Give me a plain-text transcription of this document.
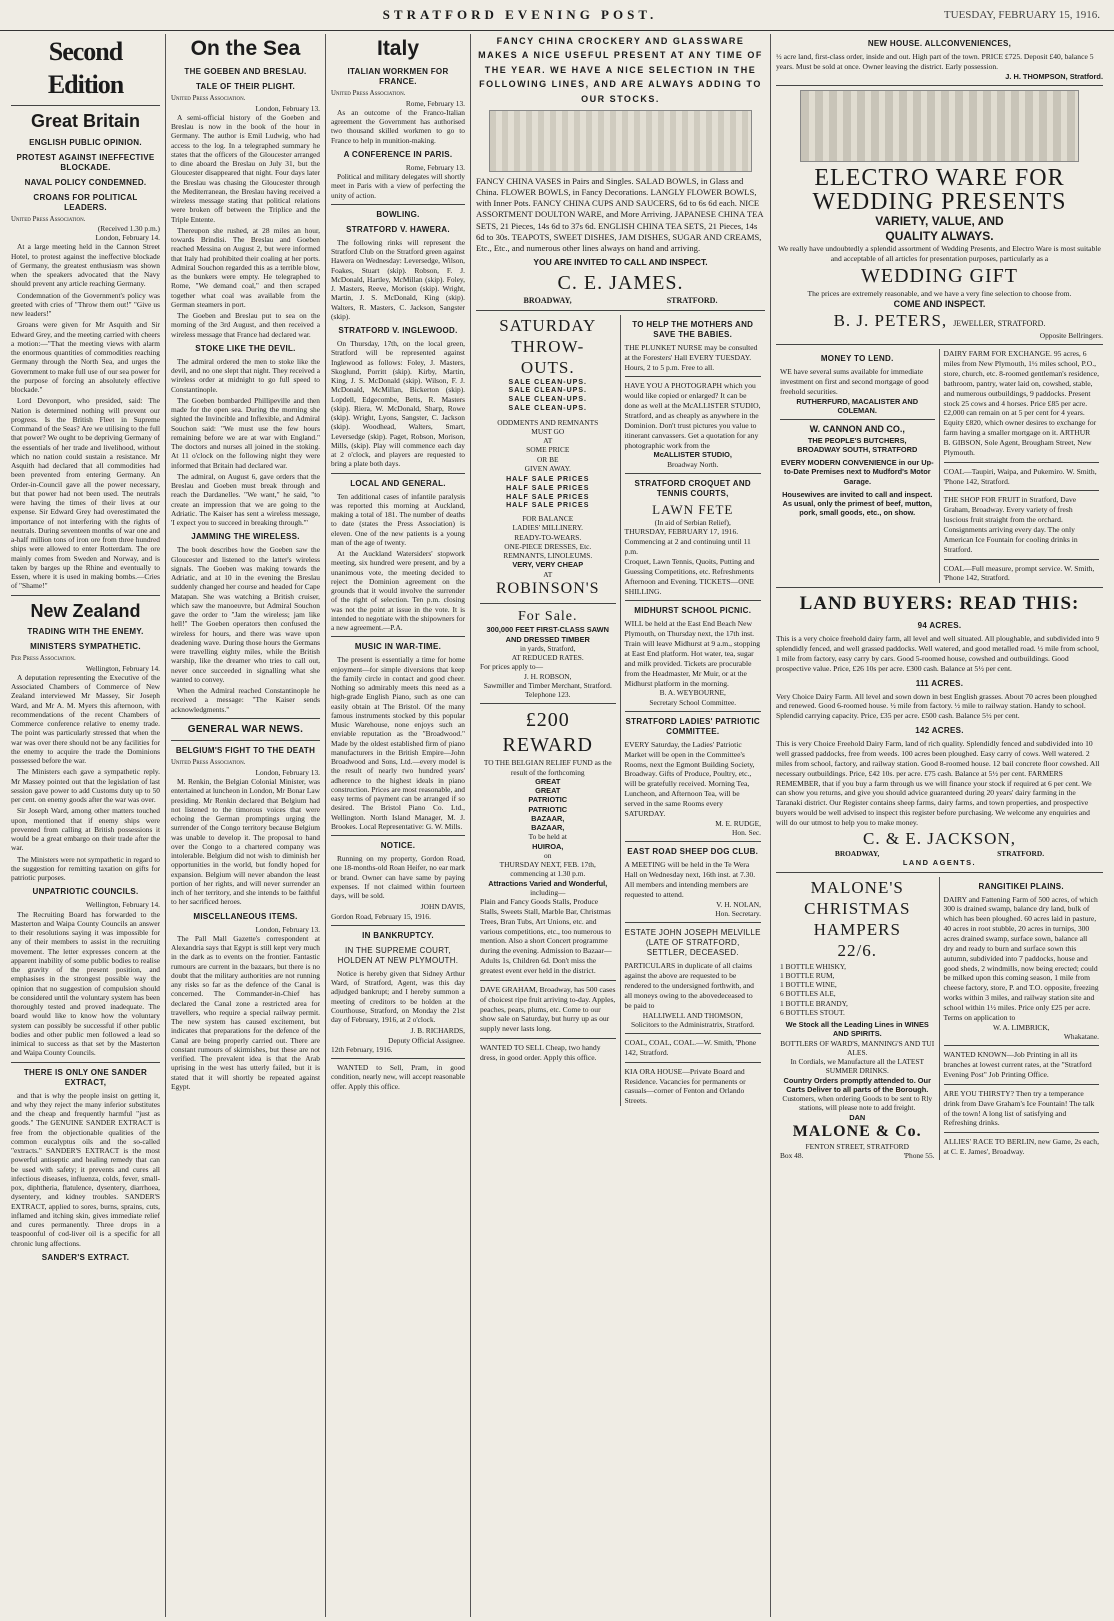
STRATFORD EVENING POST.	TUESDAY, FEBRUARY 15, 1916.
Second Edition
Great Britain
ENGLISH PUBLIC OPINION.
PROTEST AGAINST INEFFECTIVE BLOCKADE.
NAVAL POLICY CONDEMNED.
CROANS FOR POLITICAL LEADERS.
United Press Association.
(Received 1.30 p.m.)
London, February 14.

At a large meeting held in the Cannon Street Hotel, to protest against the ineffective blockade of Germany, the greatest enthusiasm was shown when the speakers advocated that the Navy should prevent any article reaching Germany.

Condemnation of the Government's policy was greeted with cries of "Throw them out!" "Give us new leaders!"

Groans were given for Mr Asquith and Sir Edward Grey, and the meeting carried with cheers a motion:—"That the meeting views with alarm the enormous quantities of commodities reaching Germany through the North Sea, and urges the Government to make full use of our sea power for the purpose of forcing an absolutely effective blockade."

Lord Devonport, who presided, said: The Nation is determined nothing will prevent our progress. Is the British Fleet in Supreme Command of the Seas? Are we utilising to the full that power? We ought to be depriving Germany of the essentials of her trade and livelihood, without which no nation could sustain a resistance. Mr Asquith had declared that all commodities had been prevented from entering Germany. An Order-in-Council gave all the power necessary, but that power had not been used. The neutrals were having the times of their lives at our expense. Sir Edward Grey had overestimated the importance of not interfering with the rights of neutrals. During seventeen months of war one and a-half million tons of iron ore from three hundred ships were allowed to enter Rotterdam. The ore mainly comes from Sweden and Norway, and is taken by barges up the Rhine and eventually to Essen, where it is used in making bombs.—Cries of "Shame!"

New Zealand
TRADING WITH THE ENEMY.
MINISTERS SYMPATHETIC.
Per Press Association.
Wellington, February 14.

A deputation representing the Executive of the Associated Chambers of Commerce of New Zealand interviewed Mr Massey, Sir Joseph Ward, and Mr A. M. Myers this afternoon, with recommendations of the recent Chambers of Commerce conference relative to enemy trade. The point was particularly stressed that when the war was over there should not be any facilities for the enemy to acquire the trade the Dominions possessed before the war.

The Ministers each gave a sympathetic reply. Mr Massey pointed out that the legislation of last session gave power to add Customs duty up to 50 per cent. on enemy goods after the war was over.

Sir Joseph Ward, among other matters touched upon, mentioned that if enemy ships were prevented from calling at British possessions it would be a great embargo on their trade after the war.

The Ministers were not sympathetic in regard to the suggestion for remitting taxation on gifts for patriotic purposes.

UNPATRIOTIC COUNCILS.
Wellington, February 14.

The Recruiting Board has forwarded to the Masterton and Waipa County Councils an answer to their resolutions saying it was impossible for any of their members to assist in the recruiting movement. The letter expresses concern at the apparent inability of some public bodies to realise the gravity of the present position, and emphasises in the strongest possible way the opinion that no suggestion of compulsion should be considered until the voluntary system has been thoroughly tested and proved inadequate. The board would like to know how the voluntary system can possibly be successful if other public bodies and other public men followed a lead so inimical to success as that set by the Masterton and Waipa County Councils.

THERE IS ONLY ONE SANDER EXTRACT,

and that is why the people insist on getting it, and why they reject the many inferior substitutes and the cheap and frequently harmful "just as goods." The GENUINE SANDER EXTRACT is free from the objectionable qualities of the common eucalyptus oils and the so-called "extracts." SANDER'S EXTRACT is the most powerful antiseptic and healing remedy that can be used with safety; it prevents and cures all infectious diseases, influenza, colds, fever, small-pox, diphtheria, flatulence, dysentery, diarrhoea, dysentery, and kidney troubles. SANDER'S EXTRACT, applied to sores, burns, sprains, cuts, inflamed and itching skin, gives immediate relief and cures permanently. Three drops in a teaspoonful of cod-liver oil is a specific for all chronic lung affections.

SANDER'S EXTRACT.
On the Sea
THE GOEBEN AND BRESLAU.
TALE OF THEIR PLIGHT.
United Press Association.
London, February 13.

A semi-official history of the Goeben and Breslau is now in the book of the hour in Germany. The author is Emil Ludwig, who had access to the log. In a telegraphed summary he states that the officers of the Gloucester arranged to dine aboard the Breslau on July 31, but the Gloucester disappeared that night. Four days later the Breslau was chasing the Gloucester through the Mediterranean, the Breslau having received a wireless message stating that political relations were broken off between the Triplice and the Triple Entente.

Thereupon she rushed, at 28 miles an hour, towards Brindisi. The Breslau and Goeben reached Messina on August 2, but were informed that Italy had prohibited their coaling at her ports. Admiral Souchon regarded this as a terrible blow, as the bunkers were empty. He telegraphed to Rome, "We demand coal," and then scraped together what coal was available from the German steamers in port.

The Goeben and Breslau put to sea on the morning of the 3rd August, and then received a wireless message that France had declared war.

STOKE LIKE THE DEVIL.

The admiral ordered the men to stoke like the devil, and no one slept that night. They received a wireless order at midnight to go full speed to Constantinople.

The Goeben bombarded Phillipeville and then made for the open sea. During the morning she sighted the Invincible and Inflexible, and Admiral Souchon said: "We must use the few hours remaining before we are at war with England." The doctors and nurses all joined in the stoking. At 11 o'clock on the following night they were informed that Britain had declared war.

The admiral, on August 6, gave orders that the Breslau and Goeben must break through and reach the Dardanelles. "We want," he said, "to create an impression that we are going to the Adriatic. The Kaiser has sent a wireless message, 'I expect you to succeed in breaking through.'"

JAMMING THE WIRELESS.

The book describes how the Goeben saw the Gloucester and listened to the latter's wireless signals. The Goeben was making towards the Adriatic, and at 10 in the evening the Breslau suddenly changed her course and headed for Cape Matapan. She was watching a British cruiser, which saw the manoeuvre, but Admiral Souchon gave the order to "Jam the wireless; jam like hell!" The Goeben operators then confused the wireless for hours, and there was wave upon deadening wave. During those hours the Germans were travelling eighty miles, while the British warship, like the dreamer who tries to call out, never once succeeded in signalling what she wanted to convey.

When the Admiral reached Constantinople he received a message: "The Kaiser sends acknowledgments."

GENERAL WAR NEWS.
BELGIUM'S FIGHT TO THE DEATH
United Press Association.
London, February 13.

M. Renkin, the Belgian Colonial Minister, was entertained at luncheon in London, Mr Bonar Law presiding. Mr Renkin declared that Belgium had not listened to the timorous voices that were echoing the German promptings urging the surrender of the Congo territory because Belgium was unable to develop it. The proposal to hand over the Congo to a chartered company was intolerable. Belgium did not wish to diminish her opportunities in the world, but fondly hoped for expansion. Belgium will never abandon the least portion of her rights, and will never surrender an inch of her territory, and she intends to be faithful to her sacrificed heroes.

MISCELLANEOUS ITEMS.
London, February 13.

The Pall Mall Gazette's correspondent at Alexandria says that Egypt is still kept very much in the dark as to events on the frontier. Fantastic rumours are current in the bazaars, but there is no doubt that the military authorities are not running any risks so far as the defence of the Canal is concerned. The Commander-in-Chief has declared the Canal zone a restricted area for travellers, who require a special railway permit. The new system has caused excitement, but indicates that preparations for the defence of the Canal are being properly carried out. There are constant rumours of skirmishes, but these are not verified. The prevalent idea is that the Arab uprising in the west has utterly failed, but it is stated that it will shortly be repeated against Egypt.

Italy
ITALIAN WORKMEN FOR FRANCE.
United Press Association.
Rome, February 13.

As an outcome of the Franco-Italian agreement the Government has authorised two thousand skilled workmen to go to France to help in munition-making.

A CONFERENCE IN PARIS.
Rome, February 13.

Political and military delegates will shortly meet in Paris with a view of perfecting the unity of action.

BOWLING.
STRATFORD V. HAWERA.

The following rinks will represent the Stratford Club on the Stratford green against Hawera on Wednesday: Leversedge, Wilson, Foakes, Stuart (skip). Robson, F. J. McDonald, Hartley, McMillan (skip). Foley, J. Masters, Reeve, Morison (skip). Wright, Martin, J. S. McDonald, King (skip). Walters, R. Masters, C. Jackson, Sangster (skip).

STRATFORD V. INGLEWOOD.

On Thursday, 17th, on the local green, Stratford will be represented against Inglewood as follows: Foley, J. Masters, Skoglund, Porritt (skip). Kirby, Martin, King, J. S. McDonald (skip). Wilson, F. J. McDonald, McMillan, Bickerton (skip). Lopdell, Edgecombe, Betts, R. Masters (skip). Riera, W. McDonald, Sharp, Rowe (skip). Wright, Lyons, Sangster, C. Jackson (skip). Woodhead, Walters, Smart, Leversedge (skip). Paget, Robson, Morison, Mills, (skip). Play will commence each day at 2 o'clock, and players are requested to bring a plate both days.

LOCAL AND GENERAL.

Ten additional cases of infantile paralysis was reported this morning at Auckland, making a total of 181. The number of deaths to date (states the Press Association) is eleven. One of the new patients is a young man of the age of twenty.

At the Auckland Watersiders' stopwork meeting, six hundred were present, and by a unanimous vote, the meeting decided to reject the Dominion agreement on the grounds that it would involve the surrender of the right of selection. Ten p.m. closing was not the point at issue in the vote. It is intended to negotiate with the shipowners for a new agreement.—P.A.

MUSIC IN WAR-TIME.

The present is essentially a time for home enjoyment—for simple diversions that keep the family circle in contact and good cheer. Nothing so admirably meets this need as a high-grade English Piano, such as one can easily obtain at The Bristol. Of the many famous instruments stocked by this popular Music Warehouse, none enjoys such an enviable reputation as the "Broadwood." Made by the oldest established firm of piano manufacturers in the British Empire—John Broadwood and Sons, Ltd.—every model is the result of nearly two hundred years' adherence to the highest ideals in piano construction. Prices are most reasonable, and easy terms of payment can be arranged if so desired. The Bristol Piano Co. Ltd., Wellington. North Island Manager, M. J. Brookes. Local Representative: G. W. Mills.

NOTICE.

Running on my property, Gordon Road, one 18-months-old Roan Heifer, no ear mark or brand. Owner can have same by paying expenses. If not claimed within fourteen days, will be sold.

JOHN DAVIS,
Gordon Road, February 15, 1916.
IN BANKRUPTCY.
IN THE SUPREME COURT, HOLDEN AT NEW PLYMOUTH.

Notice is hereby given that Sidney Arthur Ward, of Stratford, Agent, was this day adjudged bankrupt; and I hereby summon a meeting of creditors to be holden at the Courthouse, Stratford, on Monday the 21st day of February, 1916, at 2 o'clock.

J. B. RICHARDS,
Deputy Official Assignee.
12th February, 1916.

WANTED to Sell, Pram, in good condition, nearly new, will accept reasonable offer. Apply this office.

FANCY CHINA CROCKERY AND GLASSWARE MAKES A NICE USEFUL PRESENT AT ANY TIME OF THE YEAR. WE HAVE A NICE SELECTION IN THE FOLLOWING LINES, AND ARE ALWAYS ADDING TO OUR STOCKS.
FANCY CHINA VASES in Pairs and Singles. SALAD BOWLS, in Glass and China. FLOWER BOWLS, in Fancy Decorations. LANGLY FLOWER BOWLS, with Inner Pots. FANCY CHINA CUPS AND SAUCERS, 6d to 6s 6d each. NICE ASSORTMENT DOULTON WARE, and More Arriving. JAPANESE CHINA TEA SETS, 21 Pieces, 14s 6d to 37s 6d. ENGLISH CHINA TEA SETS, 21 Pieces, 14s 6d to 30s. TEAPOTS, SWEET DISHES, JAM DISHES, SUGAR AND CREAMS, Etc., Etc., and numerous other lines always on hand and arriving.
YOU ARE INVITED TO CALL AND INSPECT.
C. E. JAMES.
BROADWAY,	STRATFORD.
SATURDAY
THROW-
OUTS.
SALE CLEAN-UPS.
SALE CLEAN-UPS.
SALE CLEAN-UPS.
SALE CLEAN-UPS.
ODDMENTS AND REMNANTS
MUST GO
AT
SOME PRICE
OR BE
GIVEN AWAY.
HALF SALE PRICES
HALF SALE PRICES
HALF SALE PRICES
HALF SALE PRICES
FOR BALANCE
LADIES' MILLINERY.
READY-TO-WEARS.
ONE-PIECE DRESSES, Etc.
REMNANTS, LINOLEUMS.
VERY, VERY CHEAP
AT
ROBINSON'S
For Sale.
300,000 FEET FIRST-CLASS SAWN AND DRESSED TIMBER
in yards, Stratford,
AT REDUCED RATES.
For prices apply to—
J. H. ROBSON,
Sawmiller and Timber Merchant, Stratford. Telephone 123.
£200
REWARD
TO THE BELGIAN RELIEF FUND as the result of the forthcoming
GREAT
GREAT
PATRIOTIC
PATRIOTIC
BAZAAR,
BAZAAR,
To be held at
HUIROA,
on
THURSDAY NEXT, FEB. 17th, commencing at 1.30 p.m.
Attractions Varied and Wonderful,
including—
Plain and Fancy Goods Stalls, Produce Stalls, Sweets Stall, Marble Bar, Christmas Trees, Bran Tubs, Art Unions, etc. and various competitions, etc., too numerous to mention. Also a short Concert programme during the evening. Admission to Bazaar— Adults 1s, Children 6d. Don't miss the greatest event ever held in the district.
DAVE GRAHAM, Broadway, has 500 cases of choicest ripe fruit arriving to-day. Apples, peaches, pears, plums, etc. Come to our show sale on Saturday, but hurry up as our supply never lasts long.
WANTED TO SELL Cheap, two handy dress, in good order. Apply this office.
TO HELP THE MOTHERS AND SAVE THE BABIES.
THE PLUNKET NURSE may be consulted at the Foresters' Hall EVERY TUESDAY. Hours, 2 to 5 p.m. Free to all.
HAVE YOU A PHOTOGRAPH which you would like copied or enlarged? It can be done as well at the McALLISTER STUDIO, Stratford, and as cheaply as anywhere in the Dominion. Don't trust pictures you value to itinerant canvassers. Get a quotation for any photographic work from the
McALLISTER STUDIO,
Broadway North.
STRATFORD CROQUET AND TENNIS COURTS,
LAWN FETE
(In aid of Serbian Relief),
THURSDAY, FEBRUARY 17, 1916. Commencing at 2 and continuing until 11 p.m.
Croquet, Lawn Tennis, Quoits, Putting and Guessing Competitions, etc. Refreshments Afternoon and Evening. TICKETS—ONE SHILLING.
MIDHURST SCHOOL PICNIC.
WILL be held at the East End Beach New Plymouth, on Thursday next, the 17th inst. Train will leave Midhurst at 9 a.m., stopping at East End platform. Hot water, tea, sugar and milk provided. Tickets are procurable from the Headmaster, Mr Muir, or at the Midhurst platform in the morning.
B. A. WEYBOURNE,
Secretary School Committee.
STRATFORD LADIES' PATRIOTIC COMMITTEE.
EVERY Saturday, the Ladies' Patriotic Market will be open in the Committee's Rooms, next the Egmont Building Society, Broadway. Gifts of Produce, Poultry, etc., will be gratefully received. Morning Tea, Luncheon, and Afternoon Tea, will be served in the same Rooms every SATURDAY.
M. E. RUDGE,
Hon. Sec.
EAST ROAD SHEEP DOG CLUB.
A MEETING will be held in the Te Wera Hall on Wednesday next, 16th inst. at 7.30. All members and intending members are requested to attend.
V. H. NOLAN,
Hon. Secretary.
ESTATE JOHN JOSEPH MELVILLE (LATE OF STRATFORD, SETTLER, DECEASED.
PARTICULARS in duplicate of all claims against the above are requested to be rendered to the undersigned forthwith, and all moneys owing to the abovedeceased to be paid to
HALLIWELL AND THOMSON,
Solicitors to the Administratrix, Stratford.
COAL, COAL, COAL.—W. Smith, 'Phone 142, Stratford.
KIA ORA HOUSE—Private Board and Residence. Vacancies for permanents or casuals—corner of Fenton and Orlando Streets.
NEW HOUSE. ALLCONVENIENCES,
½ acre land, first-class order, inside and out. High part of the town. PRICE £725. Deposit £40, balance 5 years. Must be sold at once. Owner leaving the district. Early possession.
J. H. THOMPSON, Stratford.
ELECTRO WARE FOR
WEDDING PRESENTS
VARIETY, VALUE, AND
QUALITY ALWAYS.
We really have undoubtedly a splendid assortment of Wedding Presents, and Electro Ware is most suitable and acceptable of all articles for presentation purposes, particularly as a
WEDDING GIFT
The prices are extremely reasonable, and we have a very fine selection to choose from.
COME AND INSPECT.
B. J. PETERS, JEWELLER, STRATFORD.
Opposite Bellringers.
MONEY TO LEND.
WE have several sums available for immediate investment on first and second mortgage of good freehold securities.
RUTHERFURD, MACALISTER AND COLEMAN.
W. CANNON AND CO.,
THE PEOPLE'S BUTCHERS,
BROADWAY SOUTH, STRATFORD
EVERY MODERN CONVENIENCE in our Up-to-Date Premises next to Mudford's Motor Garage.
Housewives are invited to call and inspect. As usual, only the primest of beef, mutton, pork, small goods, etc., on show.
DAIRY FARM FOR EXCHANGE. 95 acres, 6 miles from New Plymouth, 1½ miles school, P.O., store, church, etc. 8-roomed gentleman's residence, bathroom, pantry, water laid on, cowshed, stable, and numerous outbuildings, 9 paddocks. Present stock 25 cows and 4 horses. Price £85 per acre. £2,000 can remain on at 5 per cent for 4 years. Equity £820, which owner desires to exchange for farm having a smaller mortgage on it. ARTHUR B. GIBSON, Sole Agent, Brougham Street, New Plymouth.
COAL—Taupiri, Waipa, and Pukemiro. W. Smith, 'Phone 142, Stratford.
THE SHOP FOR FRUIT in Stratford, Dave Graham, Broadway. Every variety of fresh luscious fruit straight from the orchard. Consignments arriving every day. The only American Ice Fountain for cooling drinks in Stratford.
COAL—Full measure, prompt service. W. Smith, 'Phone 142, Stratford.
LAND BUYERS: READ THIS:
94 ACRES.
This is a very choice freehold dairy farm, all level and well situated. All ploughable, and subdivided into 9 splendidly fenced, and well grassed paddocks. Well watered, and good metalled road. ½ mile from school, 1 mile from factory, easy carry by cars. Good 5-roomed house, cowshed and outbuildings. Good prospective value. Price, £26 10s per acre. £300 cash. Balance at 5½ per cent.
111 ACRES.
Very Choice Dairy Farm. All level and sown down in best English grasses. About 70 acres been ploughed and renewed. Good 6-roomed house. ½ mile from factory. ½ mile to railway station. Handy to school. Splendid carrying capacity. Price, £35 per acre. £500 cash. Balance 5½ per cent.
142 ACRES.
This is very Choice Freehold Dairy Farm, land of rich quality. Splendidly fenced and subdivided into 10 well grassed paddocks, free from weeds. 100 acres been ploughed. Easy carry of cows. Well watered. 2 miles from school, factory, and railway station. Good 8-roomed house. 12 bail concrete floor cowshed. All necessary outbuildings. Price, £42 10s. per acre. £75 cash. Balance at 5½ per cent. FARMERS REMEMBER, that if you buy a farm through us we will finance your stock if required at 6 per cent. We can show you returns, and give you should advice guaranteed during 20 years' dairy farming in the Taranaki district. Our Register contains sheep farms, dairy farms, and town properties, and prospective buyers would be well advised to inspect this register before purchasing. We welcome any enquiries and will do our utmost to help you to make money.
C. & E. JACKSON,
BROADWAY,	STRATFORD.
LAND AGENTS.
MALONE'S
CHRISTMAS
HAMPERS
22/6.
1 BOTTLE WHISKY,
1 BOTTLE RUM,
1 BOTTLE WINE,
6 BOTTLES ALE,
1 BOTTLE BRANDY,
6 BOTTLES STOUT.
We Stock all the Leading Lines in WINES AND SPIRITS.
BOTTLERS OF WARD'S, MANNING'S AND TUI ALES.
In Cordials, we Manufacture all the LATEST SUMMER DRINKS.
Country Orders promptly attended to. Our Carts Deliver to all parts of the Borough.
Customers, when ordering Goods to be sent to Rly stations, will please note to add freight.
DAN
MALONE & Co.
FENTON STREET, STRATFORD
Box 48.	'Phone 55.
RANGITIKEI PLAINS.
DAIRY and Fattening Farm of 500 acres, of which 300 is drained swamp, balance dry land, bulk of which has been ploughed. 60 acres laid in pasture, 40 acres in root stubble, 20 acres in turnips, 300 acres drained swamp, surface sown, balance all dry and ready to burn and surface sown this autumn, subdivided into 7 paddocks, house and good sheds, 2 windmills, now being erected; could be milked upon this coming season, 1 mile from cheese factory, store, P. and T.O. opposite, freezing works within 3 miles, and railway station site and school within 1½ miles. Price only £25 per acre. Terms on application to
W. A. LIMBRICK,
Whakatane.
WANTED KNOWN—Job Printing in all its branches at lowest current rates, at the "Stratford Evening Post" Job Printing Office.
ARE YOU THIRSTY? Then try a temperance drink from Dave Graham's Ice Fountain! The talk of the town! A long list of satisfying and Refreshing drinks.
ALLIES' RACE TO BERLIN, new Game, 2s each, at C. E. James', Broadway.
